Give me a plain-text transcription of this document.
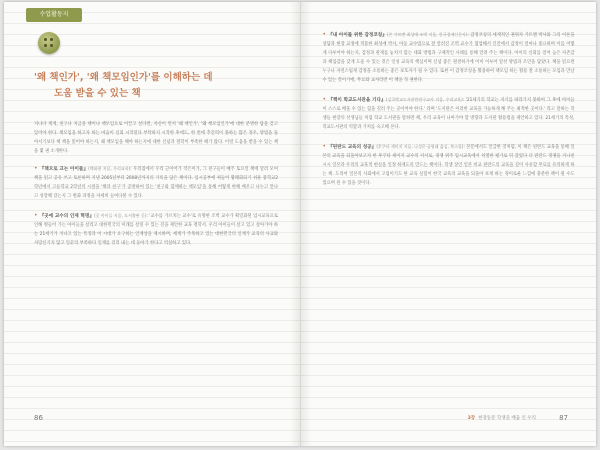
수업활동지
'왜 책인가', '왜 책모임인가'를 이해하는 데
도움 받을 수 있는 책

지나다 계계, 친구나 지금을 책이나 책모임으로 이끌고 싶다면, 자신이 먼저 '왜 책인가', '왜 책모임인가'에 대한 분명한 답을 갖고 있어야 한다. 책모임을 하고자 하는 마음이 신뢰 시작된다 부탁하지 시작한 후에도, 한 번에 추진력이 못하는 많은 경우, 방법을 돌아서기보다 책 책을 읽어야 하는지, 왜 책모임을 해야 하는지에 대한 신념과 철학이 부족한 때가 많다. 이럴 도움을 받을 수 있는 책을 몇 권 소개한다.

• 『책으로 크는 아이들』(백화현 지음, 우리교육): 우리집에서 우리 근이어가 작은이가, 그 친구들이 매주 토요일 책에 달려 모여 책을 읽고 공유 쓰고 토론하며 지낸 2005년부터 2008년까지의 기록을 담은 책이다. 입시공부에 찌들어 황폐화되기 쉬운 중학교2학년에서 고등학교 2학년의 시절을 '책과 친구'가 공방하여 있는 '친구와 함께하는 책모임'을 통해 어떻게 한해 배우고 나누고 만나고 성장해 갔는지 그 변화 과정을 자세히 들여다볼 수 있다.
• 『곳에 교수의 인재 혁명』(곳 아이들 지음, 도서출판 곳): '교수를 가르치는 교수'로 유명한 조벽 교수가 획일화된 입시교육으로 인해 병들어 가는 아이들을 살리고 대한민국의 미래를 살릴 수 있는 길을 제안한 교육 철학서. 우리 아이들이 살고 있고 살아가야 하는 21세기가 지나고 있는 특징과 이 시대가 요구하는 인재상을 제시하며, 세계가 주목하고 있는 대한민국의 인재가 교육의 사교와 사랑신기지 않고 일꾼의 부족하다 인재를 길러 내는 데 동아가 한다고 역설하고 있다.
86
• 『내 아이를 위한 감정코칭』(존 가트맨·최성애·조벽 지음, 한국경제신문사): 감정코칭의 세계적인 권위자 가트맨 박사와 그의 이론을 상담과 현장 교정에 적용한 최성애 박사, 아동 교수법으로 잘 알려진 조벽 교수가 협업해서 인간에서 감정이 얼마나 중요하며 이를 어떻게 다루어야 하는지, 감정과 관계를 놓치지 않는 대화 방법과 구체적인 사례를 통해 알려 주는 책이다. 아이의 신뢰를 얻어 높은 자존감과 책임감을 갖게 도울 수 있는 것은 인성 교육의 핵심이며 신념 좋은 원전하기에 이미 이루어 앞선 방법과 조언을 담았다. 책을 읽으면 누구나 자연스럽게 감정을 소통하는 좋은 보호자가 될 수 있다. 또한 이 감정코칭을 활용하여 책모임 하는 활용 잘 소통하는 모임과 만날 수 있는 것이기에, 무료와 교사라면 이 책을 꼭 권한다.
• 『핵이 학교도서관을 기다』(김곡박교도서관만연구교사 지음, 우리교육): '21세기의 학교는 자기를 따라가지 못하여 그 후에 아이들이 스스로 배울 수 있는 힘을 길러 주는 곳이어야 한다.' 라며 '도서관은 이러한 교육을 가능하게 해 주는 최적한 곳이다.' 라고 말하는 학생들 현장의 선생님들 처럼 학교 도서관을 말하면 책, 우리 교육이 나아가야 할 방향과 도서관 활용법을 제안하고 있다. 21세기의 특성, 학교도서관의 역할과 가치를 숙고해 본다.
• 『핀란드 교육의 성공』(후쿠타 세이지 지음, 나성은·공영태 옮김, 북스힐): 본문에서도 언급한 것처럼, 이 책은 핀란드 교육을 통해 일본의 교육을 되돌아보고자 한 후쿠타 세이지 교수의 저서로, 경쟁 위주 입시교육에서 치열한 평가로 뒤 갔었다 더 핀란드 경쟁을 지나친 시시 일본과 우리의 교육적 현실을 일정 하게도록 만드는 책이다. 학생 상인 일본 비교 핀란드의 교육을 깊이 사유할 무료를 유의하게 하는 책. 도리어 일본의 사회에서 고립이기도 한 교육 실험이 한국 교육의 교육을 되돌아 보게 하는 경이로운 느낌에 충분한 책이 될 수도 있으며 된 수 있을 것이다.
3장 현장동문 학생을 배움 인 우리	87
